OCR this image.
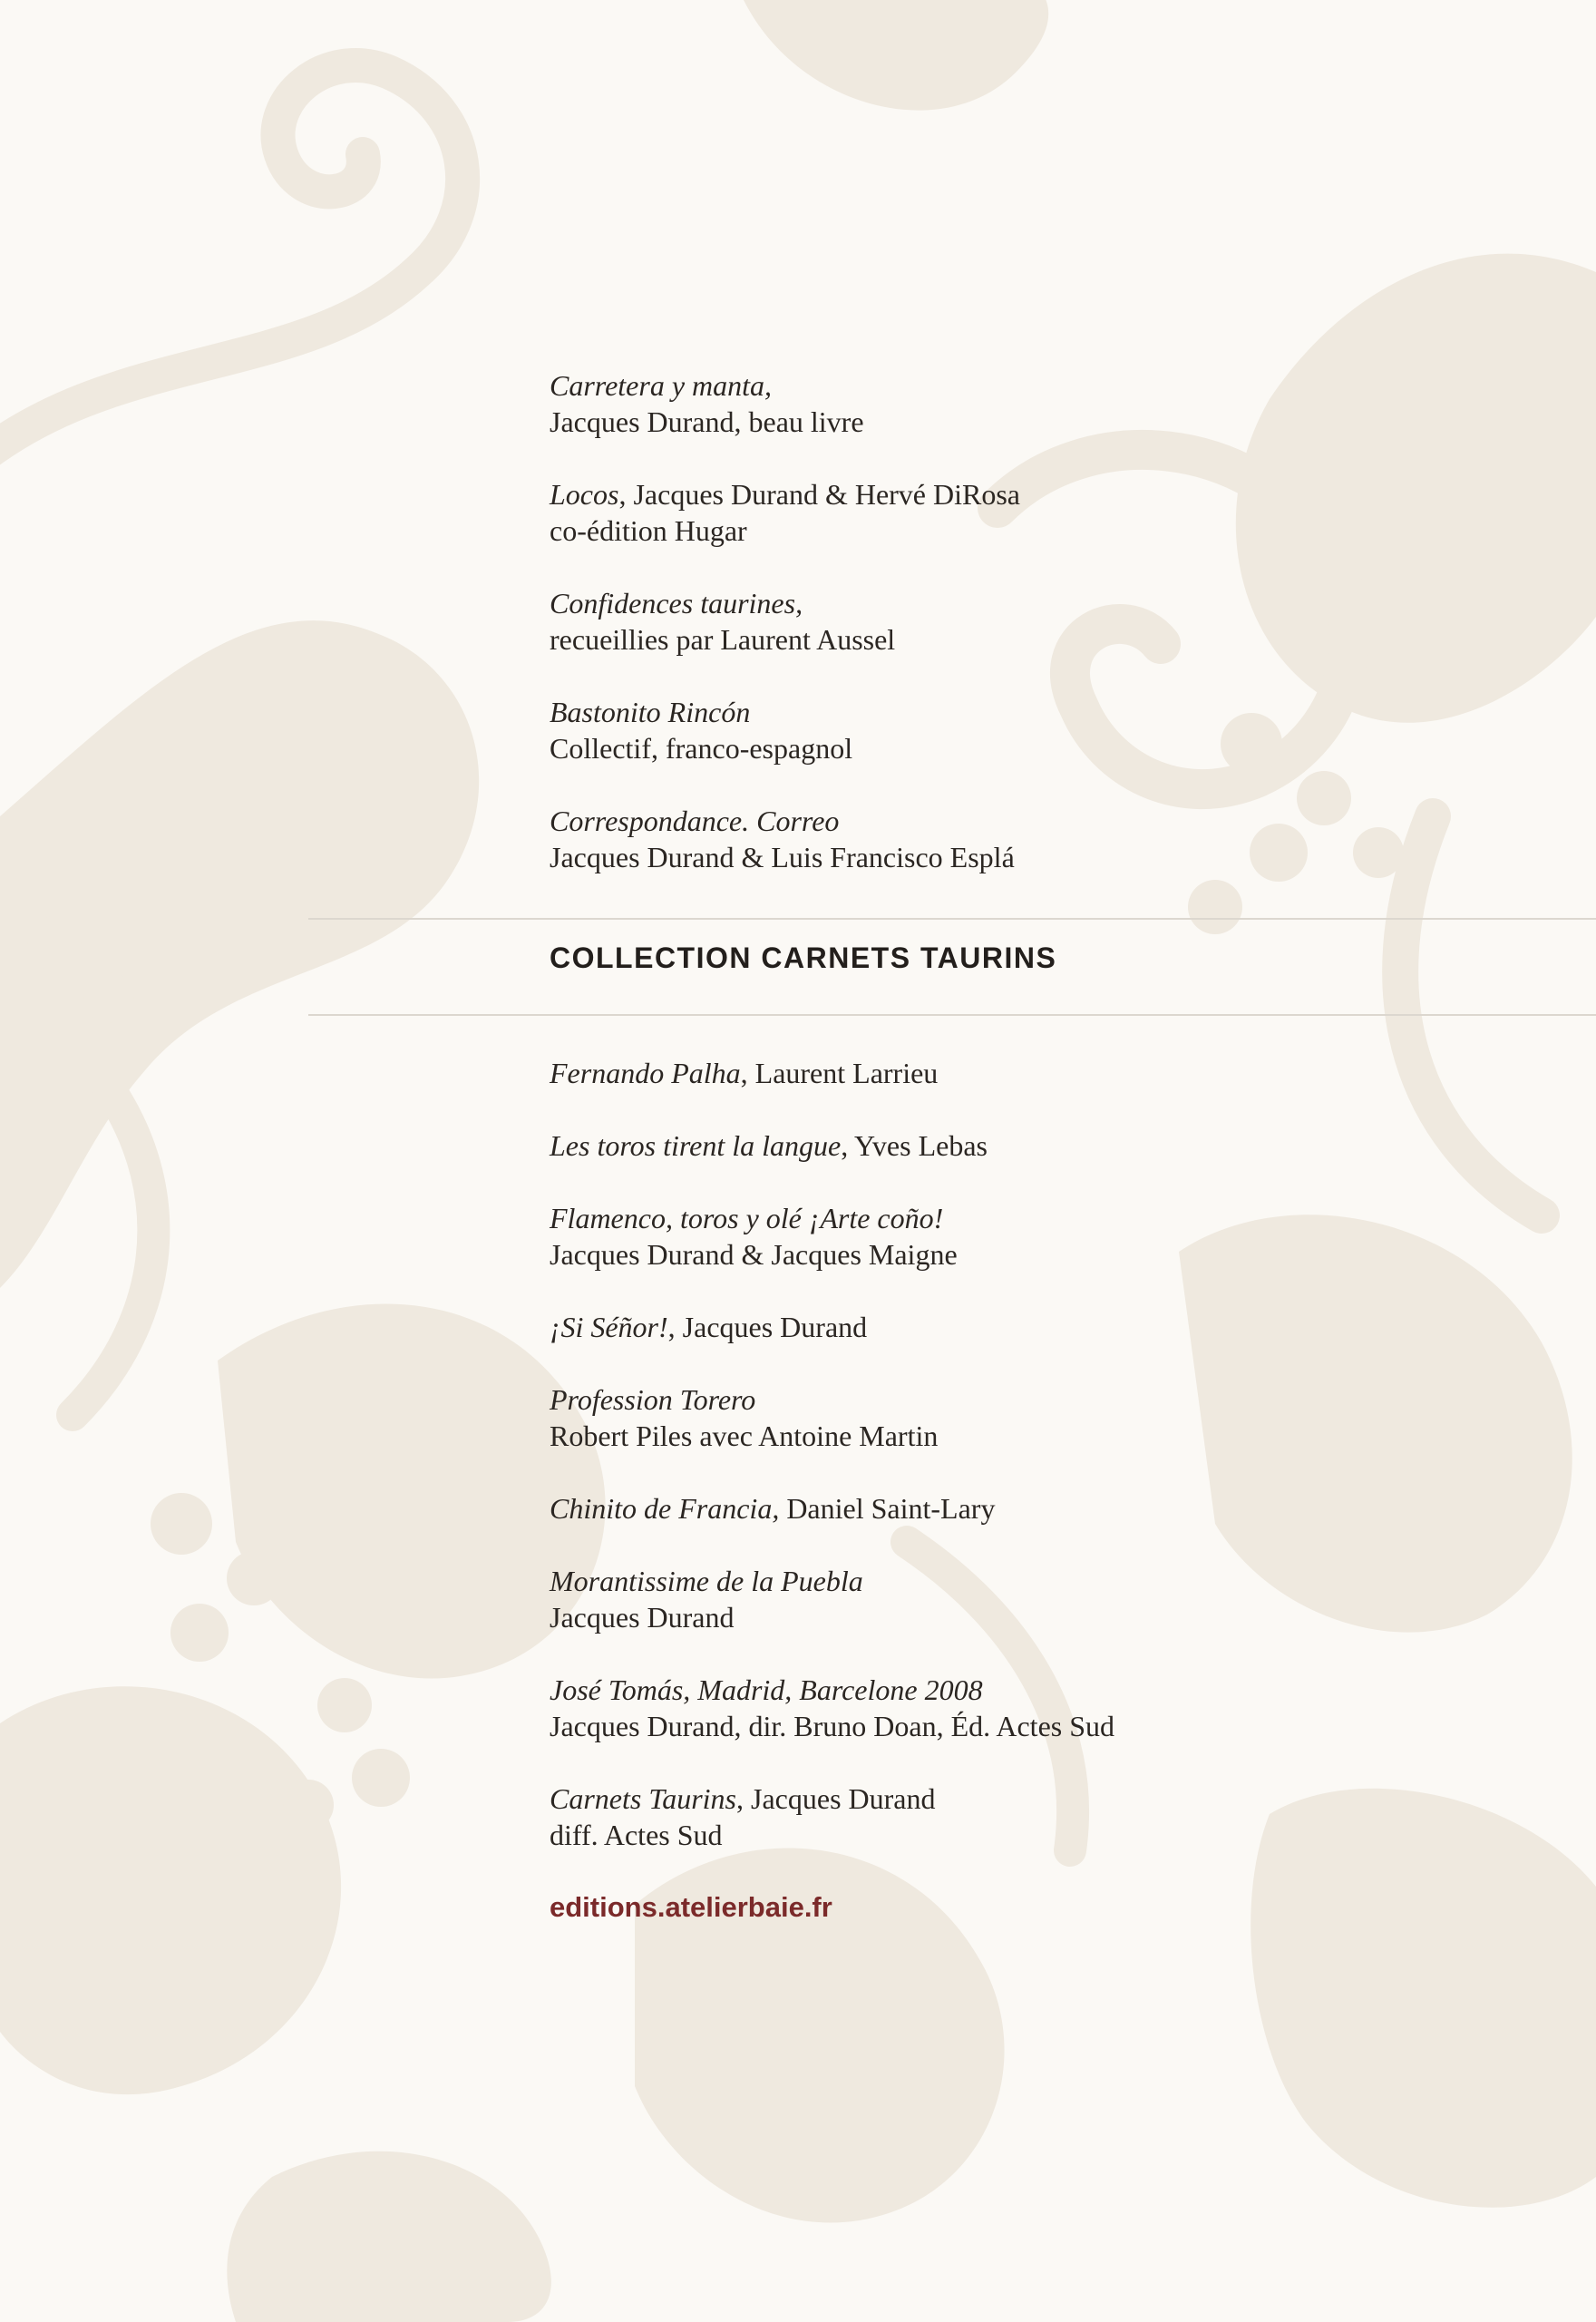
Carretera y manta,
Jacques Durand, beau livre
Locos, Jacques Durand & Hervé DiRosa
co-édition Hugar
Confidences taurines,
recueillies par Laurent Aussel
Bastonito Rincón
Collectif, franco-espagnol
Correspondance. Correo
Jacques Durand & Luis Francisco Esplá
COLLECTION CARNETS TAURINS
Fernando Palha, Laurent Larrieu
Les toros tirent la langue, Yves Lebas
Flamenco, toros y olé ¡Arte coño!
Jacques Durand & Jacques Maigne
¡Si Séñor!, Jacques Durand
Profession Torero
Robert Piles avec Antoine Martin
Chinito de Francia, Daniel Saint-Lary
Morantissime de la Puebla
Jacques Durand
José Tomás, Madrid, Barcelone 2008
Jacques Durand, dir. Bruno Doan, Éd. Actes Sud
Carnets Taurins, Jacques Durand
diff. Actes Sud
editions.atelierbaie.fr
